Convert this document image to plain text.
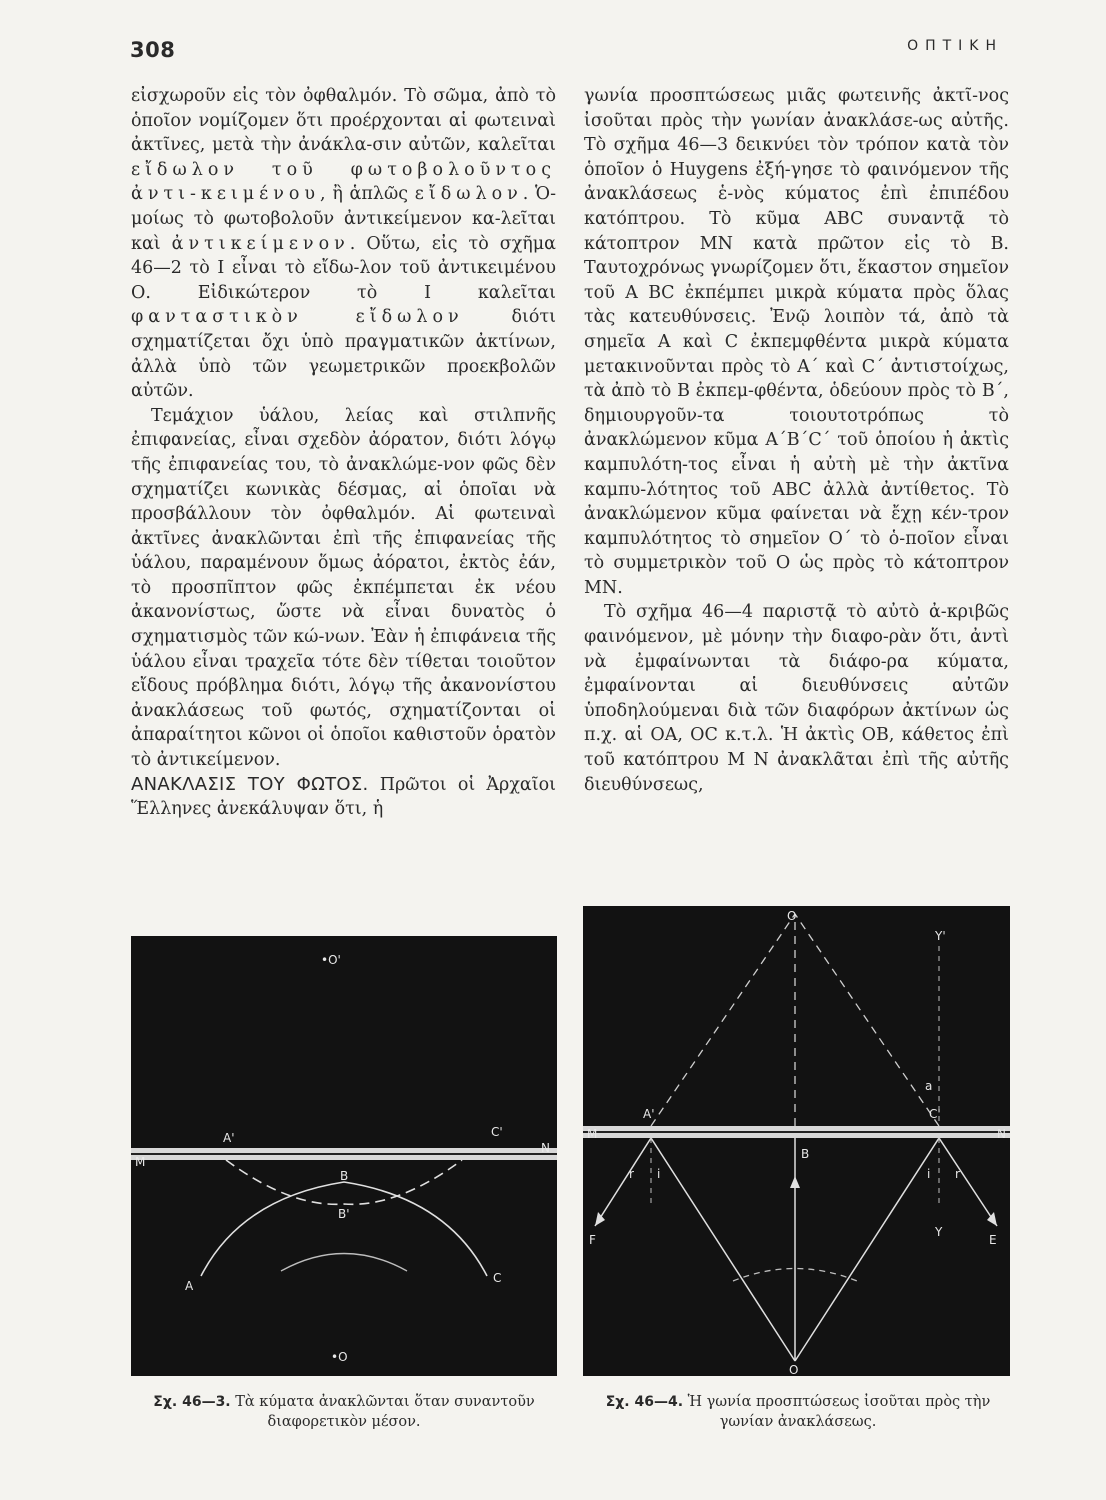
308	ΟΠΤΙΚΗ

εἰσχωροῦν εἰς τὸν ὀφθαλμόν. Τὸ σῶμα, ἀπὸ τὸ ὁποῖον νομίζομεν ὅτι προέρχονται αἱ φωτειναὶ ἀκτῖνες, μετὰ τὴν ἀνάκλα-σιν αὐτῶν, καλεῖται εἴδωλον τοῦ φωτοβολοῦντος ἀντι-κειμένου, ἢ ἁπλῶς εἴδωλον. Ὁ-μοίως τὸ φωτοβολοῦν ἀντικείμενον κα-λεῖται καὶ ἀντικείμενον. Οὕτω, εἰς τὸ σχῆμα 46—2 τὸ I εἶναι τὸ εἴδω-λον τοῦ ἀντικειμένου Ο. Εἰδικώτερον τὸ I καλεῖται φανταστικὸν εἴδωλον διότι σχηματίζεται ὄχι ὑπὸ πραγματικῶν ἀκτίνων, ἀλλὰ ὑπὸ τῶν γεωμετρικῶν προεκβολῶν αὐτῶν.

Τεμάχιον ὑάλου, λείας καὶ στιλπνῆς ἐπιφανείας, εἶναι σχεδὸν ἀόρατον, διότι λόγῳ τῆς ἐπιφανείας του, τὸ ἀνακλώμε-νον φῶς δὲν σχηματίζει κωνικὰς δέσμας, αἱ ὁποῖαι νὰ προσβάλλουν τὸν ὀφθαλμόν. Αἱ φωτειναὶ ἀκτῖνες ἀνακλῶνται ἐπὶ τῆς ἐπιφανείας τῆς ὑάλου, παραμένουν ὅμως ἀόρατοι, ἐκτὸς ἐάν, τὸ προσπῖπτον φῶς ἐκπέμπεται ἐκ νέου ἀκανονίστως, ὥστε νὰ εἶναι δυνατὸς ὁ σχηματισμὸς τῶν κώ-νων. Ἐὰν ἡ ἐπιφάνεια τῆς ὑάλου εἶναι τραχεῖα τότε δὲν τίθεται τοιοῦτον εἴδους πρόβλημα διότι, λόγῳ τῆς ἀκανονίστου ἀνακλάσεως τοῦ φωτός, σχηματίζονται οἱ ἀπαραίτητοι κῶνοι οἱ ὁποῖοι καθιστοῦν ὁρατὸν τὸ ἀντικείμενον.

ΑΝΑΚΛΑΣΙΣ ΤΟΥ ΦΩΤΟΣ. Πρῶτοι οἱ Ἀρχαῖοι Ἕλληνες ἀνεκάλυψαν ὅτι, ἡ

γωνία προσπτώσεως μιᾶς φωτεινῆς ἀκτῖ-νος ἰσοῦται πρὸς τὴν γωνίαν ἀνακλάσε-ως αὐτῆς. Τὸ σχῆμα 46—3 δεικνύει τὸν τρόπον κατὰ τὸν ὁποῖον ὁ Huygens ἐξή-γησε τὸ φαινόμενον τῆς ἀνακλάσεως ἑ-νὸς κύματος ἐπὶ ἐπιπέδου κατόπτρου. Τὸ κῦμα ABC συναντᾷ τὸ κάτοπτρον ΜΝ κατὰ πρῶτον εἰς τὸ Β. Ταυτοχρόνως γνωρίζομεν ὅτι, ἕκαστον σημεῖον τοῦ Α ΒC ἐκπέμπει μικρὰ κύματα πρὸς ὅλας τὰς κατευθύνσεις. Ἐνῷ λοιπὸν τά, ἀπὸ τὰ σημεῖα Α καὶ C ἐκπεμφθέντα μικρὰ κύματα μετακινοῦνται πρὸς τὸ Α´ καὶ C´ ἀντιστοίχως, τὰ ἀπὸ τὸ Β ἐκπεμ-φθέντα, ὁδεύουν πρὸς τὸ Β´, δημιουργοῦν-τα τοιουτοτρόπως τὸ ἀνακλώμενον κῦμα Α´Β´C´ τοῦ ὁποίου ἡ ἀκτὶς καμπυλότη-τος εἶναι ἡ αὐτὴ μὲ τὴν ἀκτῖνα καμπυ-λότητος τοῦ ABC ἀλλὰ ἀντίθετος. Τὸ ἀνακλώμενον κῦμα φαίνεται νὰ ἔχῃ κέν-τρον καμπυλότητος τὸ σημεῖον Ο´ τὸ ὁ-ποῖον εἶναι τὸ συμμετρικὸν τοῦ Ο ὡς πρὸς τὸ κάτοπτρον ΜΝ.

Τὸ σχῆμα 46—4 παριστᾷ τὸ αὐτὸ ἀ-κριβῶς φαινόμενον, μὲ μόνην τὴν διαφο-ρὰν ὅτι, ἀντὶ νὰ ἐμφαίνωνται τὰ διάφο-ρα κύματα, ἐμφαίνονται αἱ διευθύνσεις αὐτῶν ὑποδηλούμεναι διὰ τῶν διαφόρων ἀκτίνων ὡς π.χ. αἱ ΟΑ, ΟC κ.τ.λ. Ἡ ἀκτὶς ΟΒ, κάθετος ἐπὶ τοῦ κατόπτρου Μ Ν ἀνακλᾶται ἐπὶ τῆς αὐτῆς διευθύνσεως,

•O'
A'	C'
M
N
B
B'
A
C
•O
O
Y'
a
A'	C'
M	N
B
r i	i r
F	E
Y
O
Σχ. 46—3. Τὰ κύματα ἀνακλῶνται ὅταν συναντοῦν διαφορετικὸν μέσον.
Σχ. 46—4. Ἡ γωνία προσπτώσεως ἰσοῦται πρὸς τὴν γωνίαν ἀνακλάσεως.
